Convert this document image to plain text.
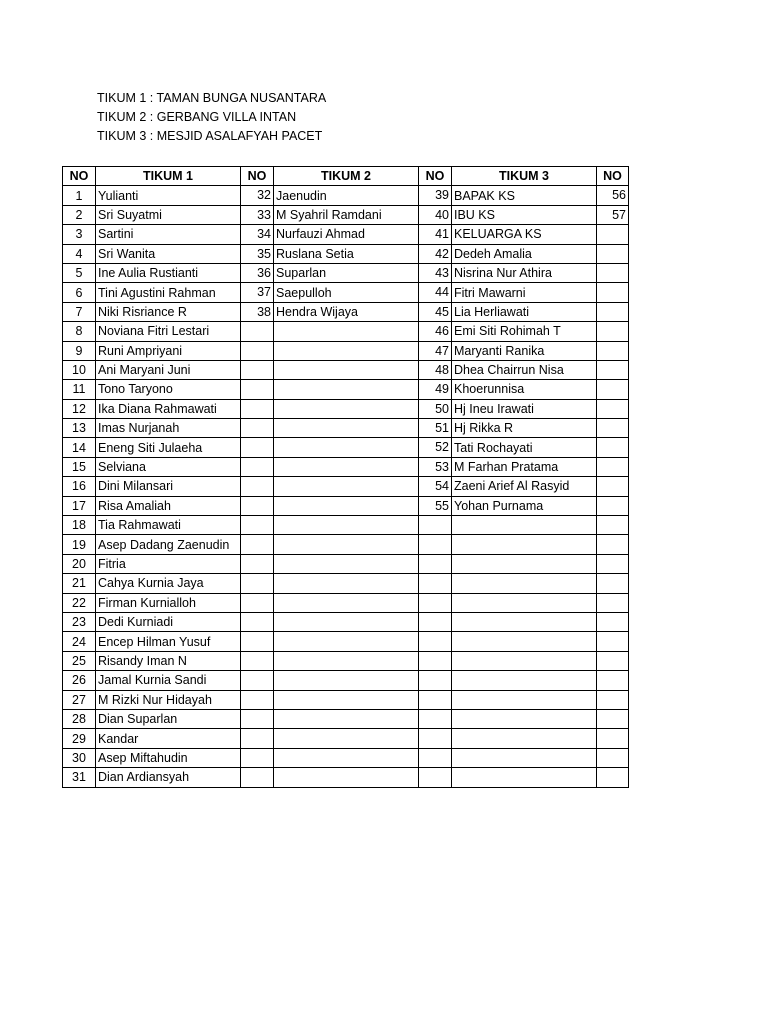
TIKUM 1 : TAMAN BUNGA NUSANTARA
TIKUM 2 : GERBANG VILLA INTAN
TIKUM 3 : MESJID ASALAFYAH PACET
NO	TIKUM 1	NO	TIKUM 2	NO	TIKUM 3	NO
1	Yulianti	32	Jaenudin	39	BAPAK KS	56
2	Sri Suyatmi	33	M Syahril Ramdani	40	IBU KS	57
3	Sartini	34	Nurfauzi Ahmad	41	KELUARGA KS	
4	Sri Wanita	35	Ruslana Setia	42	Dedeh Amalia	
5	Ine Aulia Rustianti	36	Suparlan	43	Nisrina Nur Athira	
6	Tini Agustini Rahman	37	Saepulloh	44	Fitri Mawarni	
7	Niki Risriance R	38	Hendra Wijaya	45	Lia Herliawati	
8	Noviana Fitri Lestari			46	Emi Siti Rohimah T	
9	Runi Ampriyani			47	Maryanti Ranika	
10	Ani Maryani Juni			48	Dhea Chairrun Nisa	
11	Tono Taryono			49	Khoerunnisa	
12	Ika Diana Rahmawati			50	Hj Ineu Irawati	
13	Imas Nurjanah			51	Hj Rikka R	
14	Eneng Siti Julaeha			52	Tati Rochayati	
15	Selviana			53	M Farhan Pratama	
16	Dini Milansari			54	Zaeni Arief Al Rasyid	
17	Risa Amaliah			55	Yohan Purnama	
18	Tia Rahmawati					
19	Asep Dadang Zaenudin					
20	Fitria					
21	Cahya Kurnia Jaya					
22	Firman Kurnialloh					
23	Dedi Kurniadi					
24	Encep Hilman Yusuf					
25	Risandy Iman N					
26	Jamal Kurnia Sandi					
27	M Rizki Nur Hidayah					
28	Dian Suparlan					
29	Kandar					
30	Asep Miftahudin					
31	Dian Ardiansyah					
